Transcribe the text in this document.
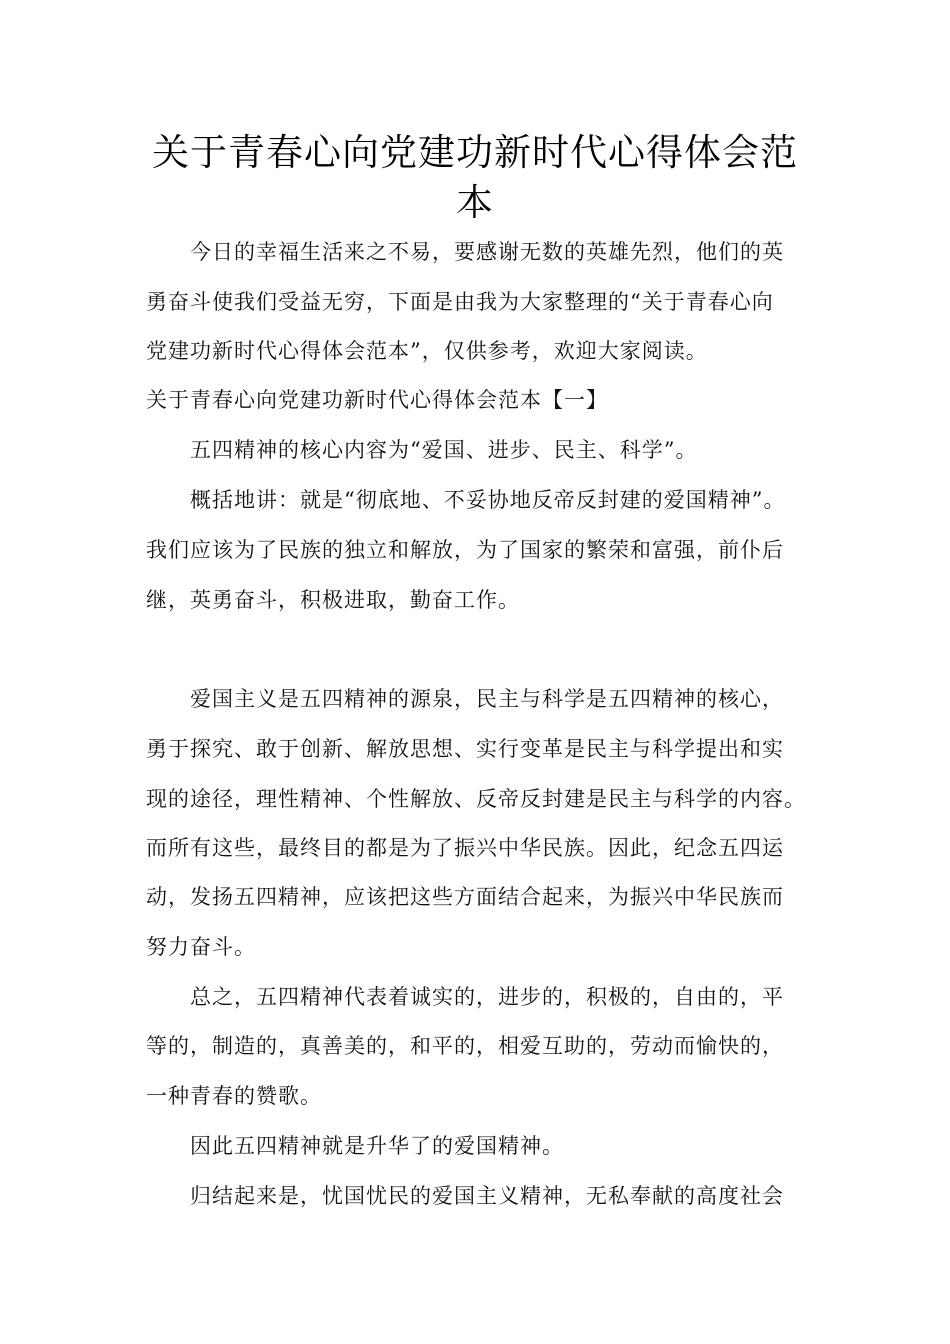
关于青春心向党建功新时代心得体会范
本
今日的幸福生活来之不易，要感谢无数的英雄先烈，他们的英
勇奋斗使我们受益无穷，下面是由我为大家整理的“关于青春心向
党建功新时代心得体会范本”，仅供参考，欢迎大家阅读。
关于青春心向党建功新时代心得体会范本【一】
五四精神的核心内容为“爱国、进步、民主、科学”。
概括地讲：就是“彻底地、不妥协地反帝反封建的爱国精神”。
我们应该为了民族的独立和解放，为了国家的繁荣和富强，前仆后
继，英勇奋斗，积极进取，勤奋工作。
爱国主义是五四精神的源泉，民主与科学是五四精神的核心，
勇于探究、敢于创新、解放思想、实行变革是民主与科学提出和实
现的途径，理性精神、个性解放、反帝反封建是民主与科学的内容。
而所有这些，最终目的都是为了振兴中华民族。因此，纪念五四运
动，发扬五四精神，应该把这些方面结合起来，为振兴中华民族而
努力奋斗。
总之，五四精神代表着诚实的，进步的，积极的，自由的，平
等的，制造的，真善美的，和平的，相爱互助的，劳动而愉快的，
一种青春的赞歌。
因此五四精神就是升华了的爱国精神。
归结起来是，忧国忧民的爱国主义精神，无私奉献的高度社会
